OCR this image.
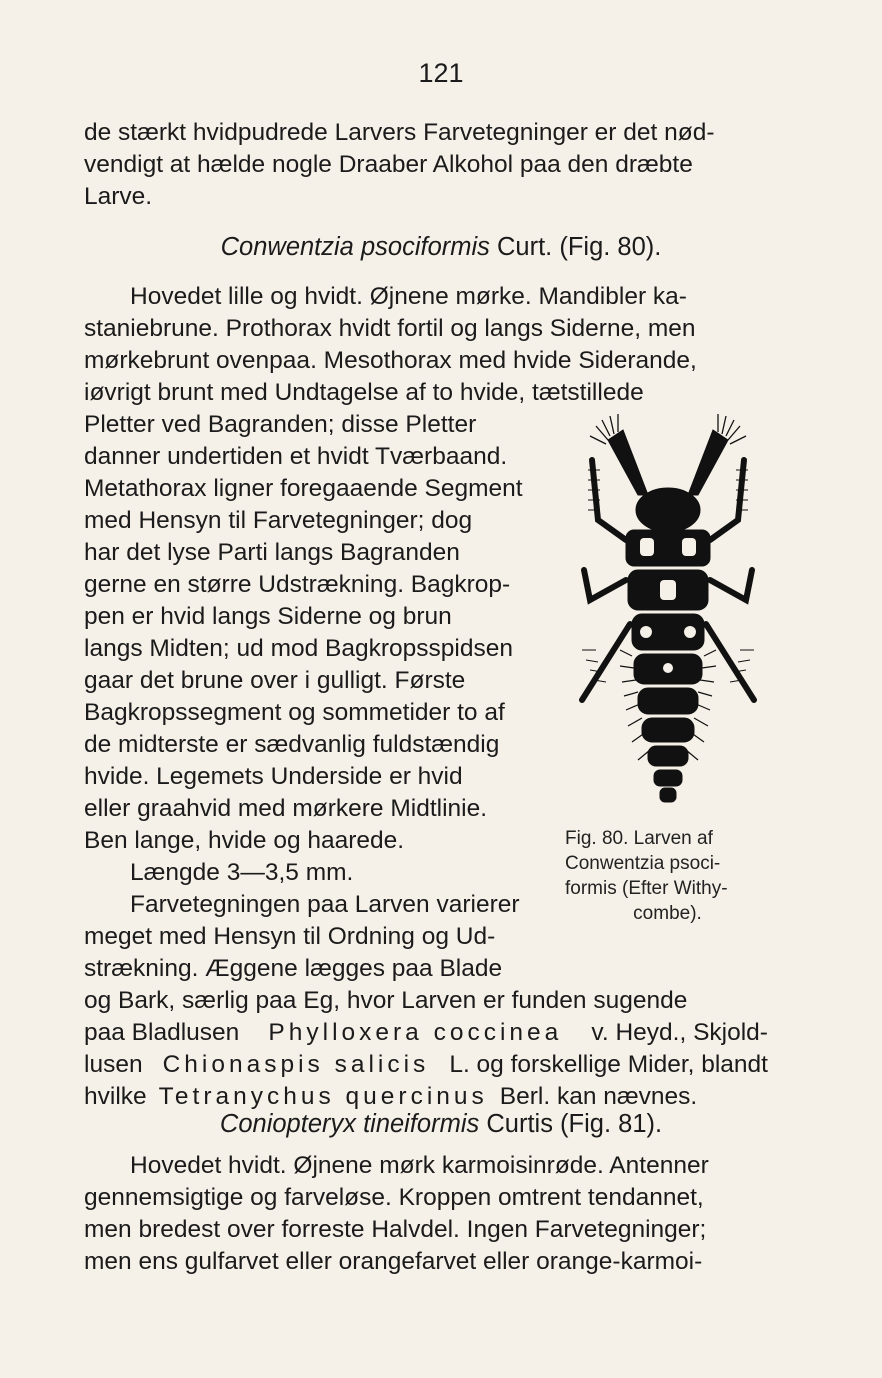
121
de stærkt hvidpudrede Larvers Farvetegninger er det nød-
vendigt at hælde nogle Draaber Alkohol paa den dræbte
Larve.
Conwentzia psociformis Curt. (Fig. 80).
Hovedet lille og hvidt. Øjnene mørke. Mandibler ka-
staniebrune. Prothorax hvidt fortil og langs Siderne, men
mørkebrunt ovenpaa. Mesothorax med hvide Siderande,
iøvrigt brunt med Undtagelse af to hvide, tætstillede
Pletter ved Bagranden; disse Pletter
danner undertiden et hvidt Tværbaand.
Metathorax ligner foregaaende Segment
med Hensyn til Farvetegninger; dog
har det lyse Parti langs Bagranden
gerne en større Udstrækning. Bagkrop-
pen er hvid langs Siderne og brun
langs Midten; ud mod Bagkropsspidsen
gaar det brune over i gulligt. Første
Bagkropssegment og sommetider to af
de midterste er sædvanlig fuldstændig
hvide. Legemets Underside er hvid
eller graahvid med mørkere Midtlinie.
Ben lange, hvide og haarede.
Længde 3—3,5 mm.
Farvetegningen paa Larven varierer
meget med Hensyn til Ordning og Ud-
strækning. Æggene lægges paa Blade
og Bark, særlig paa Eg, hvor Larven er funden sugende
paa Bladlusen Phylloxera coccinea v. Heyd., Skjold-
lusen Chionaspis salicis L. og forskellige Mider, blandt
hvilke Tetranychus quercinus Berl. kan nævnes.
Fig. 80. Larven af
Conwentzia psoci-
formis (Efter Withy-
combe).
Coniopteryx tineiformis Curtis (Fig. 81).
Hovedet hvidt. Øjnene mørk karmoisinrøde. Antenner
gennemsigtige og farveløse. Kroppen omtrent tendannet,
men bredest over forreste Halvdel. Ingen Farvetegninger;
men ens gulfarvet eller orangefarvet eller orange-karmoi-
